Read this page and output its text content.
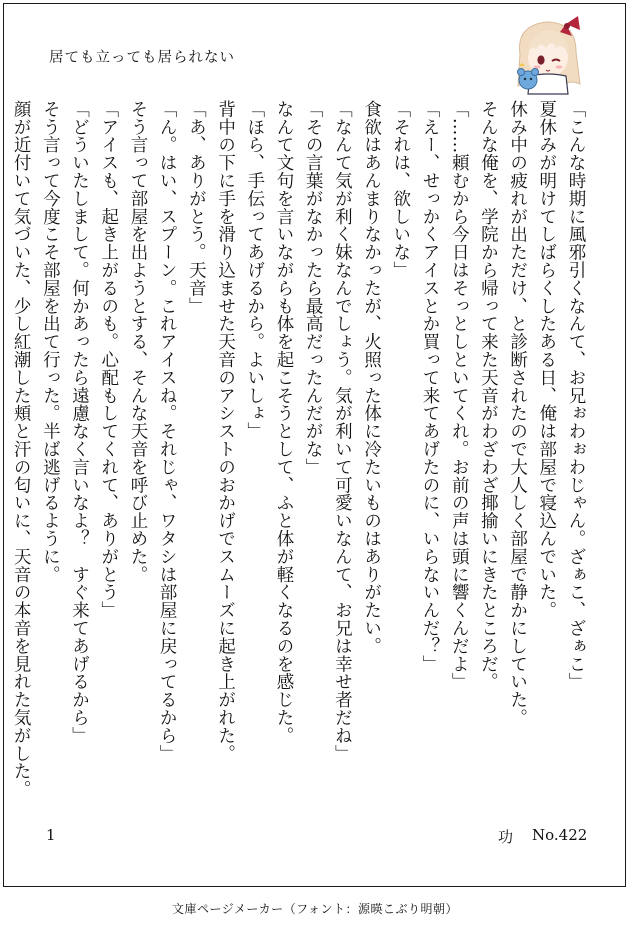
居ても立っても居られない

「こんな時期に風邪引くなんて、お兄ぉわぉわじゃん。ざぁこ、ざぁこ」

夏休みが明けてしばらくしたある日、俺は部屋で寝込んでいた。

休み中の疲れが出ただけ、と診断されたので大人しく部屋で静かにしていた。

そんな俺を、学院から帰って来た天音がわざわざ揶揄いにきたところだ。

「……頼むから今日はそっとしといてくれ。お前の声は頭に響くんだよ」

「えー、せっかくアイスとか買って来てあげたのに、いらないんだ？」

「それは、欲しいな」

食欲はあんまりなかったが、火照った体に冷たいものはありがたい。

「なんて気が利く妹なんでしょう。気が利いて可愛いなんて、お兄は幸せ者だね」

「その言葉がなかったら最高だったんだがな」

なんて文句を言いながらも体を起こそうとして、ふと体が軽くなるのを感じた。

「ほら、手伝ってあげるから。よいしょ」

背中の下に手を滑り込ませた天音のアシストのおかげでスムーズに起き上がれた。

「あ、ありがとう。天音」

「ん。はい、スプーン。これアイスね。それじゃ、ワタシは部屋に戻ってるから」

そう言って部屋を出ようとする、そんな天音を呼び止めた。

「アイスも、起き上がるのも。心配もしてくれて、ありがとう」

「どういたしまして。何かあったら遠慮なく言いなよ？　すぐ来てあげるから」

そう言って今度こそ部屋を出て行った。半ば逃げるように。

顔が近付いて気づいた、少し紅潮した頬と汗の匂いに、天音の本音を見れた気がした。

1	功 No.422
文庫ページメーカー（フォント：源暎こぶり明朝）
